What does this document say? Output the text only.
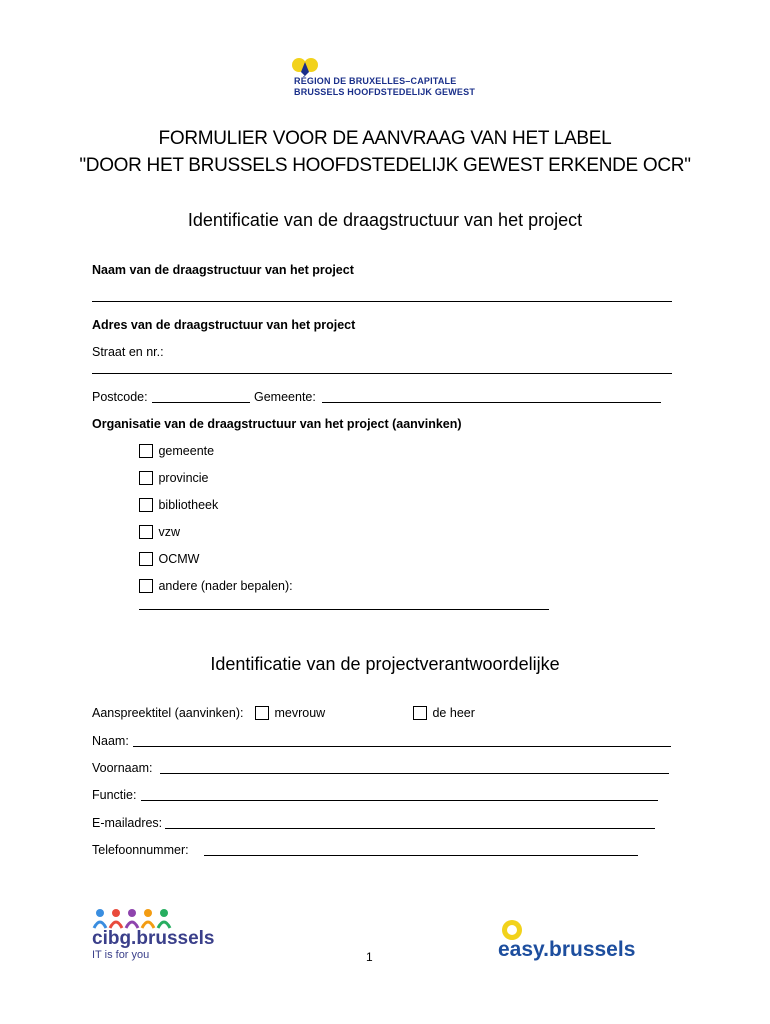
RÉGION DE BRUXELLES–CAPITALE
BRUSSELS HOOFDSTEDELIJK GEWEST
FORMULIER VOOR DE AANVRAAG VAN HET LABEL
"DOOR HET BRUSSELS HOOFDSTEDELIJK GEWEST ERKENDE OCR"
Identificatie van de draagstructuur van het project
Naam van de draagstructuur van het project
Adres van de draagstructuur van het project
Straat en nr.:
Postcode:	Gemeente:
Organisatie van de draagstructuur van het project (aanvinken)
gemeente
provincie
bibliotheek
vzw
OCMW
andere (nader bepalen):
Identificatie van de projectverantwoordelijke
Aanspreektitel (aanvinken):	mevrouw	de heer
Naam:
Voornaam:
Functie:
E-mailadres:
Telefoonnummer:
cibg.brussels
IT is for you	1	easy.brussels
